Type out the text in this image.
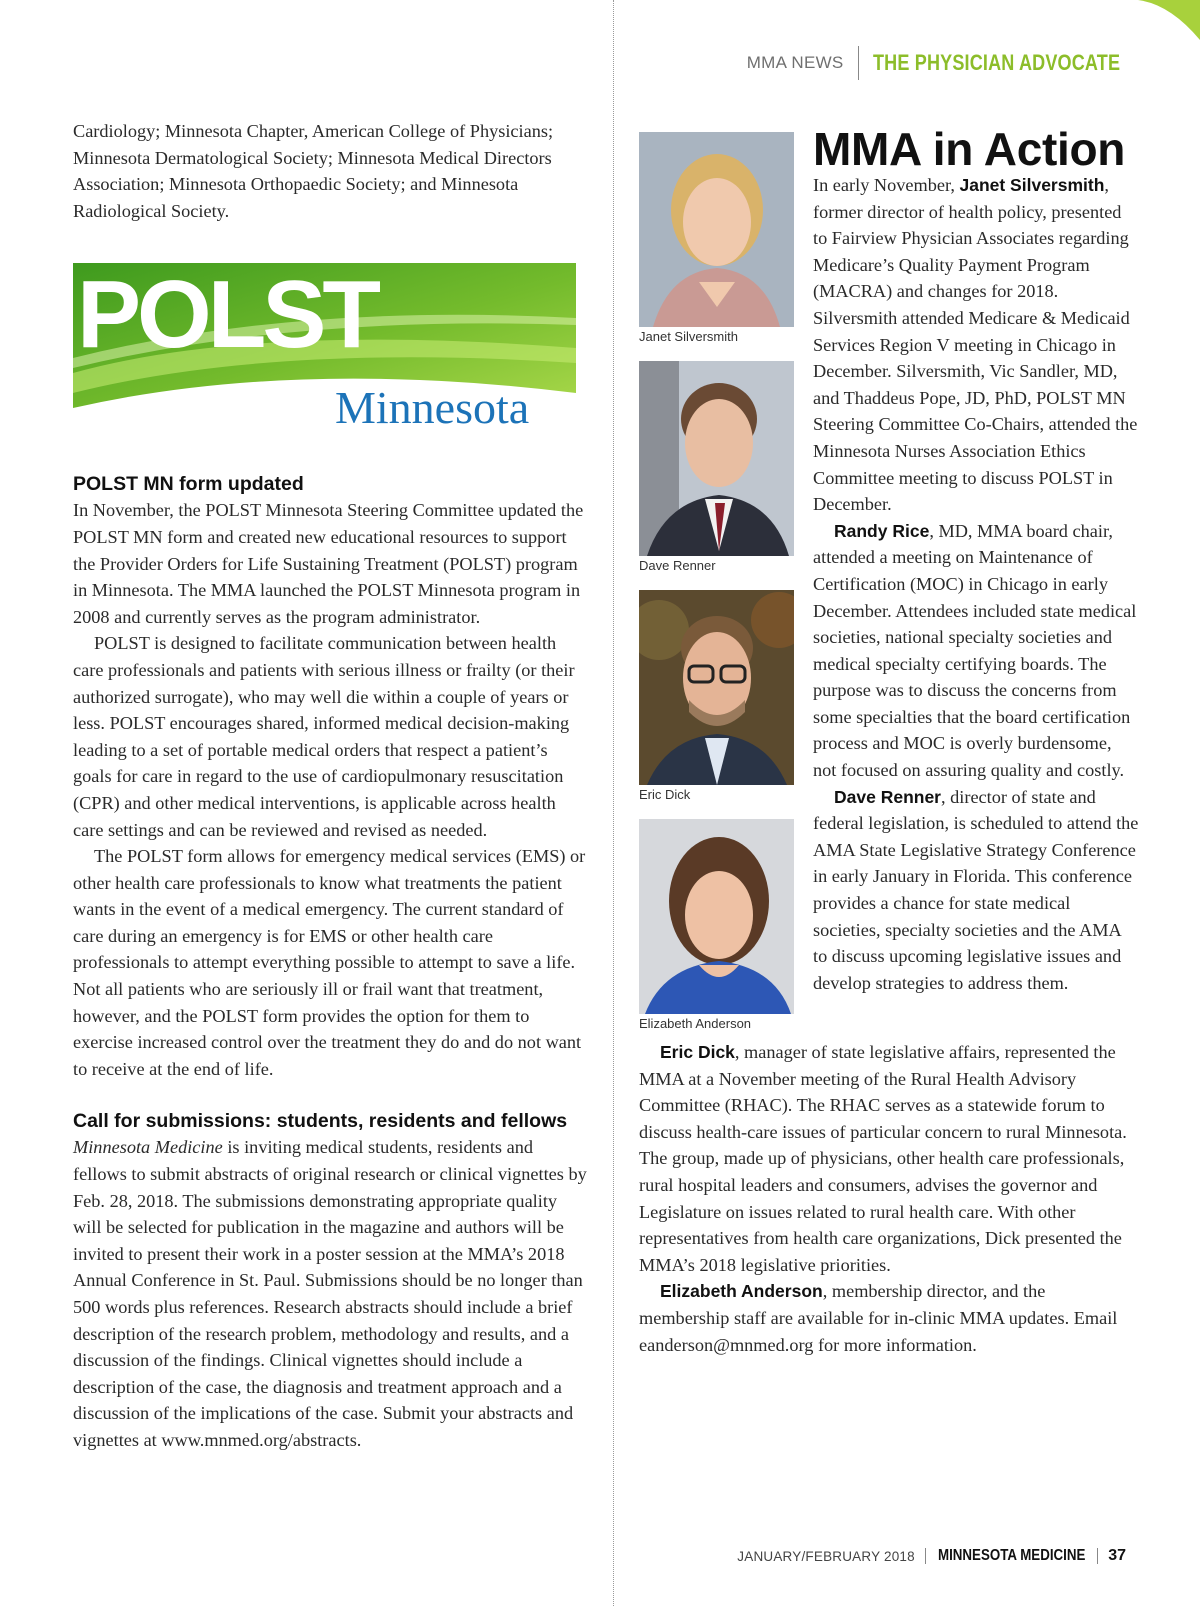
MMA NEWS THE PHYSICIAN ADVOCATE

Cardiology; Minnesota Chapter, American College of Physicians; Minnesota Dermatological Society; Minnesota Medical Directors Association; Minnesota Orthopaedic Society; and Minnesota Radiological Society.

POLST
Minnesota
POLST MN form updated

In November, the POLST Minnesota Steering Committee updated the POLST MN form and created new educational resources to support the Provider Orders for Life Sustaining Treatment (POLST) program in Minnesota. The MMA launched the POLST Minnesota program in 2008 and currently serves as the program administrator.

POLST is designed to facilitate communication between health care professionals and patients with serious illness or frailty (or their authorized surrogate), who may well die within a couple of years or less. POLST encourages shared, informed medical decision-making leading to a set of portable medical orders that respect a patient’s goals for care in regard to the use of cardiopulmonary resuscitation (CPR) and other medical interventions, is applicable across health care settings and can be reviewed and revised as needed.

The POLST form allows for emergency medical services (EMS) or other health care professionals to know what treatments the patient wants in the event of a medical emergency. The current standard of care during an emergency is for EMS or other health care professionals to attempt everything possible to attempt to save a life. Not all patients who are seriously ill or frail want that treatment, however, and the POLST form provides the option for them to exercise increased control over the treatment they do and do not want to receive at the end of life.

Call for submissions: students, residents and fellows

Minnesota Medicine is inviting medical students, residents and fellows to submit abstracts of original research or clinical vignettes by Feb. 28, 2018. The submissions demonstrating appropriate quality will be selected for publication in the magazine and authors will be invited to present their work in a poster session at the MMA’s 2018 Annual Conference in St. Paul. Submissions should be no longer than 500 words plus references. Research abstracts should include a brief description of the research problem, methodology and results, and a discussion of the findings. Clinical vignettes should include a description of the case, the diagnosis and treatment approach and a discussion of the implications of the case. Submit your abstracts and vignettes at www.mnmed.org/abstracts.

Janet Silversmith
Dave Renner
Eric Dick
Elizabeth Anderson
MMA in Action

In early November, Janet Silversmith, former director of health policy, presented to Fairview Physician Associates regarding Medicare’s Quality Payment Program (MACRA) and changes for 2018. Silversmith attended Medicare & Medicaid Services Region V meeting in Chicago in December. Silversmith, Vic Sandler, MD, and Thaddeus Pope, JD, PhD, POLST MN Steering Committee Co-Chairs, attended the Minnesota Nurses Association Ethics Committee meeting to discuss POLST in December.

Randy Rice, MD, MMA board chair, attended a meeting on Maintenance of Certification (MOC) in Chicago in early December. Attendees included state medical societies, national specialty societies and medical specialty certifying boards. The purpose was to discuss the concerns from some specialties that the board certification process and MOC is overly burdensome, not focused on assuring quality and costly.

Dave Renner, director of state and federal legislation, is scheduled to attend the AMA State Legislative Strategy Conference in early January in Florida. This conference provides a chance for state medical societies, specialty societies and the AMA to discuss upcoming legislative issues and develop strategies to address them.

Eric Dick, manager of state legislative affairs, represented the MMA at a November meeting of the Rural Health Advisory Committee (RHAC). The RHAC serves as a statewide forum to discuss health-care issues of particular concern to rural Minnesota. The group, made up of physicians, other health care professionals, rural hospital leaders and consumers, advises the governor and Legislature on issues related to rural health care. With other representatives from health care organizations, Dick presented the MMA’s 2018 legislative priorities.

Elizabeth Anderson, membership director, and the membership staff are available for in-clinic MMA updates. Email eanderson@mnmed.org for more information.

JANUARY/FEBRUARY 2018 MINNESOTA MEDICINE 37
